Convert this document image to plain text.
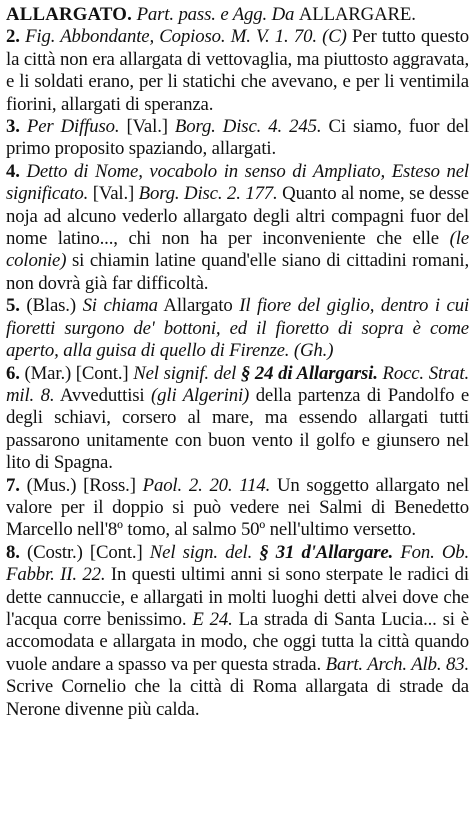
ALLARGATO. Part. pass. e Agg. Da ALLARGARE.

2. Fig. Abbondante, Copioso. M. V. 1. 70. (C) Per tutto questo la città non era allargata di vettovaglia, ma piuttosto aggravata, e li soldati erano, per li statichi che avevano, e per li ventimila fiorini, allargati di speranza.

3. Per Diffuso. [Val.] Borg. Disc. 4. 245. Ci siamo, fuor del primo proposito spaziando, allargati.

4. Detto di Nome, vocabolo in senso di Ampliato, Esteso nel significato. [Val.] Borg. Disc. 2. 177. Quanto al nome, se desse noja ad alcuno vederlo allargato degli altri compagni fuor del nome latino..., chi non ha per inconveniente che elle (le colonie) si chiamin latine quand'elle siano di cittadini romani, non dovrà già far difficoltà.

5. (Blas.) Si chiama Allargato Il fiore del giglio, dentro i cui fioretti surgono de' bottoni, ed il fioretto di sopra è come aperto, alla guisa di quello di Firenze. (Gh.)

6. (Mar.) [Cont.] Nel signif. del § 24 di Allargarsi. Rocc. Strat. mil. 8. Avveduttisi (gli Algerini) della partenza di Pandolfo e degli schiavi, corsero al mare, ma essendo allargati tutti passarono unitamente con buon vento il golfo e giunsero nel lito di Spagna.

7. (Mus.) [Ross.] Paol. 2. 20. 114. Un soggetto allargato nel valore per il doppio si può vedere nei Salmi di Benedetto Marcello nell'8º tomo, al salmo 50º nell'ultimo versetto.

8. (Costr.) [Cont.] Nel sign. del. § 31 d'Allargare. Fon. Ob. Fabbr. II. 22. In questi ultimi anni si sono sterpate le radici di dette cannuccie, e allargati in molti luoghi detti alvei dove che l'acqua corre benissimo. E 24. La strada di Santa Lucia... si è accomodata e allargata in modo, che oggi tutta la città quando vuole andare a spasso va per questa strada. Bart. Arch. Alb. 83. Scrive Cornelio che la città di Roma allargata di strade da Nerone divenne più calda.
